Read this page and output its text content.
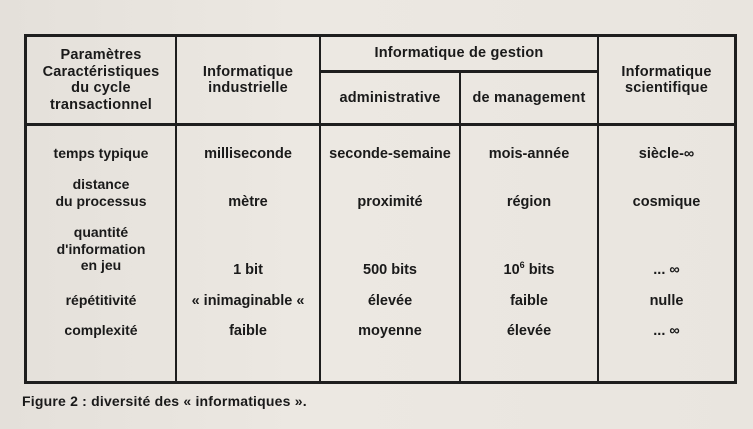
Paramètres
Caractéristiques
du cycle
transactionnel
Informatique
industrielle
Informatique de gestion
administrative de management
Informatique
scientifique
temps typique
distance
du processus
quantité
d'information
en jeu
répétitivité
complexité
milliseconde
mètre
1 bit
« inimaginable «
faible
seconde-semaine
proximité
500 bits
élevée
moyenne
mois-année
région
$10^6$ bits
faible
élevée
siècle-∞
cosmique
... ∞
nulle
... ∞
Figure 2 : diversité des « informatiques ».
